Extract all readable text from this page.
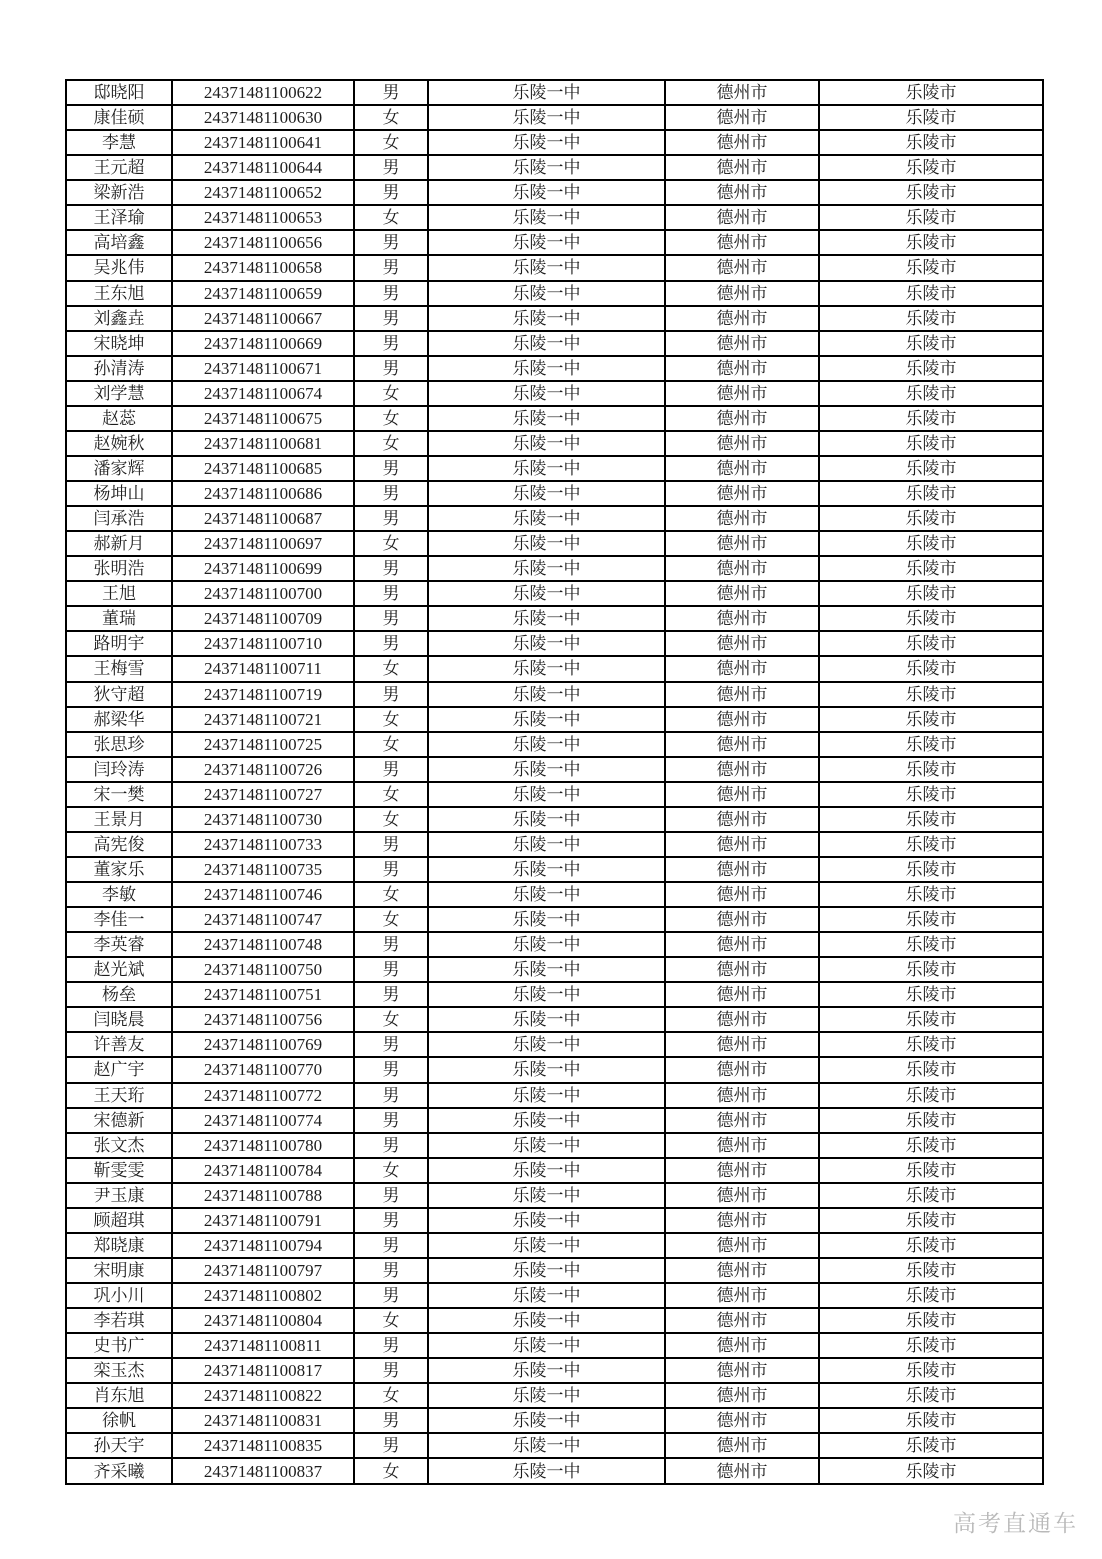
邸晓阳	24371481100622	男	乐陵一中	德州市	乐陵市
康佳硕	24371481100630	女	乐陵一中	德州市	乐陵市
李慧	24371481100641	女	乐陵一中	德州市	乐陵市
王元超	24371481100644	男	乐陵一中	德州市	乐陵市
梁新浩	24371481100652	男	乐陵一中	德州市	乐陵市
王泽瑜	24371481100653	女	乐陵一中	德州市	乐陵市
高培鑫	24371481100656	男	乐陵一中	德州市	乐陵市
吴兆伟	24371481100658	男	乐陵一中	德州市	乐陵市
王东旭	24371481100659	男	乐陵一中	德州市	乐陵市
刘鑫垚	24371481100667	男	乐陵一中	德州市	乐陵市
宋晓坤	24371481100669	男	乐陵一中	德州市	乐陵市
孙清涛	24371481100671	男	乐陵一中	德州市	乐陵市
刘学慧	24371481100674	女	乐陵一中	德州市	乐陵市
赵蕊	24371481100675	女	乐陵一中	德州市	乐陵市
赵婉秋	24371481100681	女	乐陵一中	德州市	乐陵市
潘家辉	24371481100685	男	乐陵一中	德州市	乐陵市
杨坤山	24371481100686	男	乐陵一中	德州市	乐陵市
闫承浩	24371481100687	男	乐陵一中	德州市	乐陵市
郝新月	24371481100697	女	乐陵一中	德州市	乐陵市
张明浩	24371481100699	男	乐陵一中	德州市	乐陵市
王旭	24371481100700	男	乐陵一中	德州市	乐陵市
董瑞	24371481100709	男	乐陵一中	德州市	乐陵市
路明宇	24371481100710	男	乐陵一中	德州市	乐陵市
王梅雪	24371481100711	女	乐陵一中	德州市	乐陵市
狄守超	24371481100719	男	乐陵一中	德州市	乐陵市
郝梁华	24371481100721	女	乐陵一中	德州市	乐陵市
张思珍	24371481100725	女	乐陵一中	德州市	乐陵市
闫玲涛	24371481100726	男	乐陵一中	德州市	乐陵市
宋一樊	24371481100727	女	乐陵一中	德州市	乐陵市
王景月	24371481100730	女	乐陵一中	德州市	乐陵市
高宪俊	24371481100733	男	乐陵一中	德州市	乐陵市
董家乐	24371481100735	男	乐陵一中	德州市	乐陵市
李敏	24371481100746	女	乐陵一中	德州市	乐陵市
李佳一	24371481100747	女	乐陵一中	德州市	乐陵市
李英睿	24371481100748	男	乐陵一中	德州市	乐陵市
赵光斌	24371481100750	男	乐陵一中	德州市	乐陵市
杨垒	24371481100751	男	乐陵一中	德州市	乐陵市
闫晓晨	24371481100756	女	乐陵一中	德州市	乐陵市
许善友	24371481100769	男	乐陵一中	德州市	乐陵市
赵广宇	24371481100770	男	乐陵一中	德州市	乐陵市
王天珩	24371481100772	男	乐陵一中	德州市	乐陵市
宋德新	24371481100774	男	乐陵一中	德州市	乐陵市
张文杰	24371481100780	男	乐陵一中	德州市	乐陵市
靳雯雯	24371481100784	女	乐陵一中	德州市	乐陵市
尹玉康	24371481100788	男	乐陵一中	德州市	乐陵市
顾超琪	24371481100791	男	乐陵一中	德州市	乐陵市
郑晓康	24371481100794	男	乐陵一中	德州市	乐陵市
宋明康	24371481100797	男	乐陵一中	德州市	乐陵市
巩小川	24371481100802	男	乐陵一中	德州市	乐陵市
李若琪	24371481100804	女	乐陵一中	德州市	乐陵市
史书广	24371481100811	男	乐陵一中	德州市	乐陵市
栾玉杰	24371481100817	男	乐陵一中	德州市	乐陵市
肖东旭	24371481100822	女	乐陵一中	德州市	乐陵市
徐帆	24371481100831	男	乐陵一中	德州市	乐陵市
孙天宇	24371481100835	男	乐陵一中	德州市	乐陵市
齐采曦	24371481100837	女	乐陵一中	德州市	乐陵市
高考直通车
